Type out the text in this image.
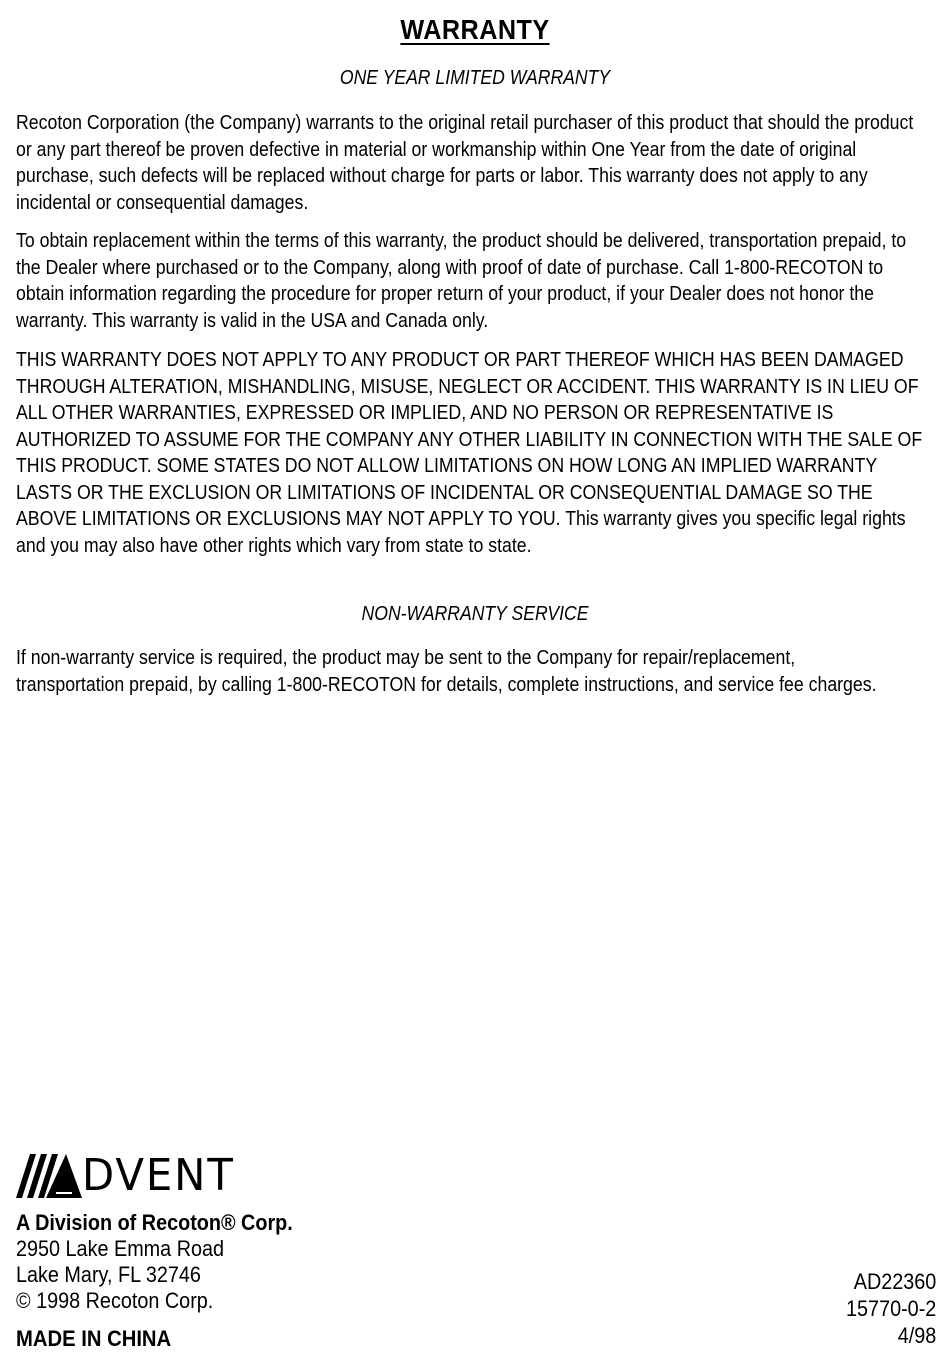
WARRANTY
ONE YEAR LIMITED WARRANTY

Recoton Corporation (the Company) warrants to the original retail purchaser of this product that should the product or any part thereof be proven defective in material or workmanship within One Year from the date of original purchase, such defects will be replaced without charge for parts or labor. This warranty does not apply to any incidental or consequential damages.

To obtain replacement within the terms of this warranty, the product should be delivered, transportation prepaid, to the Dealer where purchased or to the Company, along with proof of date of purchase. Call 1-800-RECOTON to obtain information regarding the procedure for proper return of your product, if your Dealer does not honor the warranty. This warranty is valid in the USA and Canada only.

THIS WARRANTY DOES NOT APPLY TO ANY PRODUCT OR PART THEREOF WHICH HAS BEEN DAMAGED THROUGH ALTERATION, MISHANDLING, MISUSE, NEGLECT OR ACCIDENT. THIS WARRANTY IS IN LIEU OF ALL OTHER WARRANTIES, EXPRESSED OR IMPLIED, AND NO PERSON OR REPRESENTATIVE IS AUTHORIZED TO ASSUME FOR THE COMPANY ANY OTHER LIABILITY IN CONNECTION WITH THE SALE OF THIS PRODUCT. SOME STATES DO NOT ALLOW LIMITATIONS ON HOW LONG AN IMPLIED WARRANTY LASTS OR THE EXCLUSION OR LIMITATIONS OF INCIDENTAL OR CONSEQUENTIAL DAMAGE SO THE ABOVE LIMITATIONS OR EXCLUSIONS MAY NOT APPLY TO YOU. This warranty gives you specific legal rights and you may also have other rights which vary from state to state.

NON-WARRANTY SERVICE

If non-warranty service is required, the product may be sent to the Company for repair/replacement, transportation prepaid, by calling 1-800-RECOTON for details, complete instructions, and service fee charges.

DVENT
A Division of Recoton® Corp.
2950 Lake Emma Road
Lake Mary, FL 32746
© 1998 Recoton Corp.
MADE IN CHINA
AD22360
15770-0-2
4/98
